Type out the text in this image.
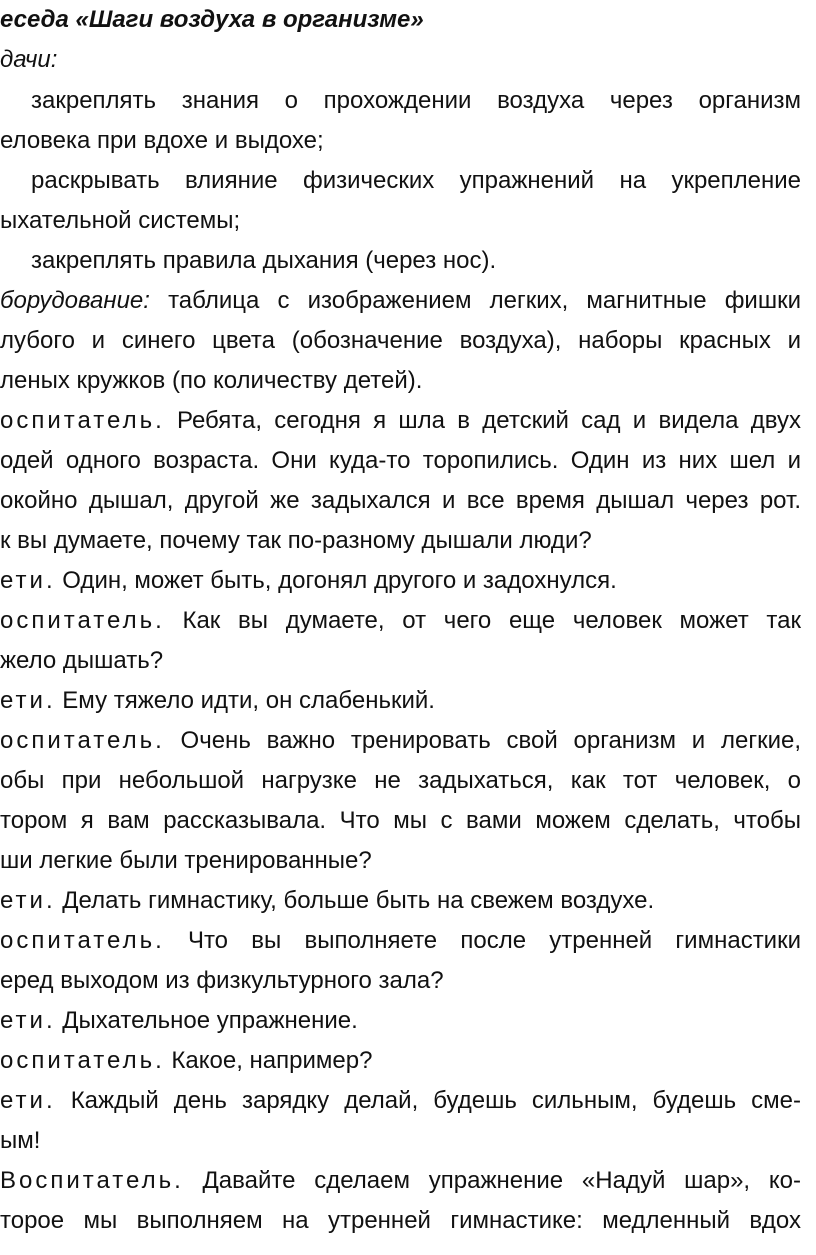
еседа «Шаги воздуха в организме»
дачи:
закреплять знания о прохождении воздуха через организм
еловека при вдохе и выдохе;
раскрывать влияние физических упражнений на укрепление
ыхательной системы;
закреплять правила дыхания (через нос).
борудование: таблица с изображением легких, магнитные фишки
лубого и синего цвета (обозначение воздуха), наборы красных и
леных кружков (по количеству детей).
оспитатель. Ребята, сегодня я шла в детский сад и видела двух
одей одного возраста. Они куда-то торопились. Один из них шел и
окойно дышал, другой же задыхался и все время дышал через рот.
к вы думаете, почему так по-разному дышали люди?
ети. Один, может быть, догонял другого и задохнулся.
оспитатель. Как вы думаете, от чего еще человек может так
жело дышать?
ети. Ему тяжело идти, он слабенький.
оспитатель. Очень важно тренировать свой организм и легкие,
обы при небольшой нагрузке не задыхаться, как тот человек, о
тором я вам рассказывала. Что мы с вами можем сделать, чтобы
ши легкие были тренированные?
ети. Делать гимнастику, больше быть на свежем воздухе.
оспитатель. Что вы выполняете после утренней гимнастики
еред выходом из физкультурного зала?
ети. Дыхательное упражнение.
оспитатель. Какое, например?
ети. Каждый день зарядку делай, будешь сильным, будешь сме-
ым!
Воспитатель. Давайте сделаем упражнение «Надуй шар», ко-
торое мы выполняем на утренней гимнастике: медленный вдох
